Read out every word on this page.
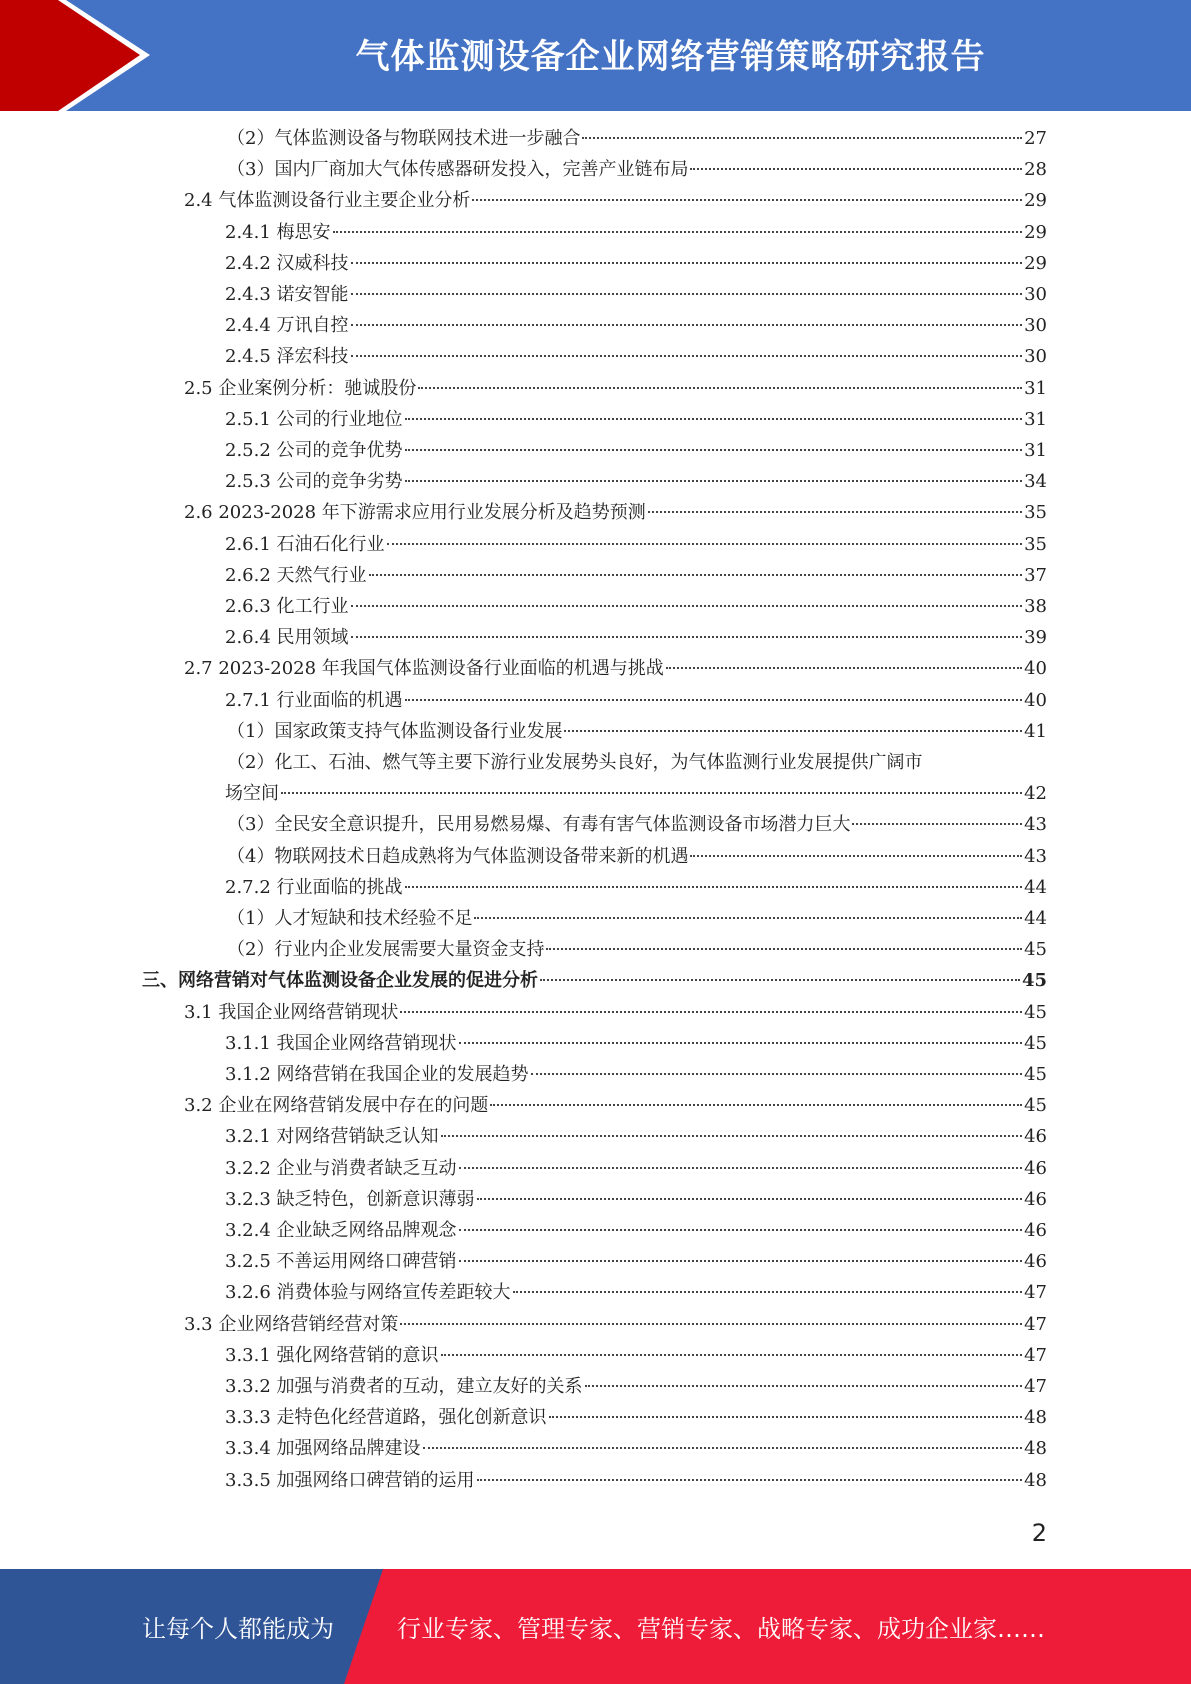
气体监测设备企业网络营销策略研究报告
（2）气体监测设备与物联网技术进一步融合	27
（3）国内厂商加大气体传感器研发投入，完善产业链布局	28
2.4 气体监测设备行业主要企业分析	29
2.4.1 梅思安	29
2.4.2 汉威科技	29
2.4.3 诺安智能	30
2.4.4 万讯自控	30
2.4.5 泽宏科技	30
2.5 企业案例分析：驰诚股份	31
2.5.1 公司的行业地位	31
2.5.2 公司的竞争优势	31
2.5.3 公司的竞争劣势	34
2.6 2023-2028 年下游需求应用行业发展分析及趋势预测	35
2.6.1 石油石化行业	35
2.6.2 天然气行业	37
2.6.3 化工行业	38
2.6.4 民用领域	39
2.7 2023-2028 年我国气体监测设备行业面临的机遇与挑战	40
2.7.1 行业面临的机遇	40
（1）国家政策支持气体监测设备行业发展	41
（2）化工、石油、燃气等主要下游行业发展势头良好，为气体监测行业发展提供广阔市
场空间	42
（3）全民安全意识提升，民用易燃易爆、有毒有害气体监测设备市场潜力巨大	43
（4）物联网技术日趋成熟将为气体监测设备带来新的机遇	43
2.7.2 行业面临的挑战	44
（1）人才短缺和技术经验不足	44
（2）行业内企业发展需要大量资金支持	45
三、网络营销对气体监测设备企业发展的促进分析	45
3.1 我国企业网络营销现状	45
3.1.1 我国企业网络营销现状	45
3.1.2 网络营销在我国企业的发展趋势	45
3.2 企业在网络营销发展中存在的问题	45
3.2.1 对网络营销缺乏认知	46
3.2.2 企业与消费者缺乏互动	46
3.2.3 缺乏特色，创新意识薄弱	46
3.2.4 企业缺乏网络品牌观念	46
3.2.5 不善运用网络口碑营销	46
3.2.6 消费体验与网络宣传差距较大	47
3.3 企业网络营销经营对策	47
3.3.1 强化网络营销的意识	47
3.3.2 加强与消费者的互动，建立友好的关系	47
3.3.3 走特色化经营道路，强化创新意识	48
3.3.4 加强网络品牌建设	48
3.3.5 加强网络口碑营销的运用	48
2
让每个人都能成为	行业专家、管理专家、营销专家、战略专家、成功企业家……
